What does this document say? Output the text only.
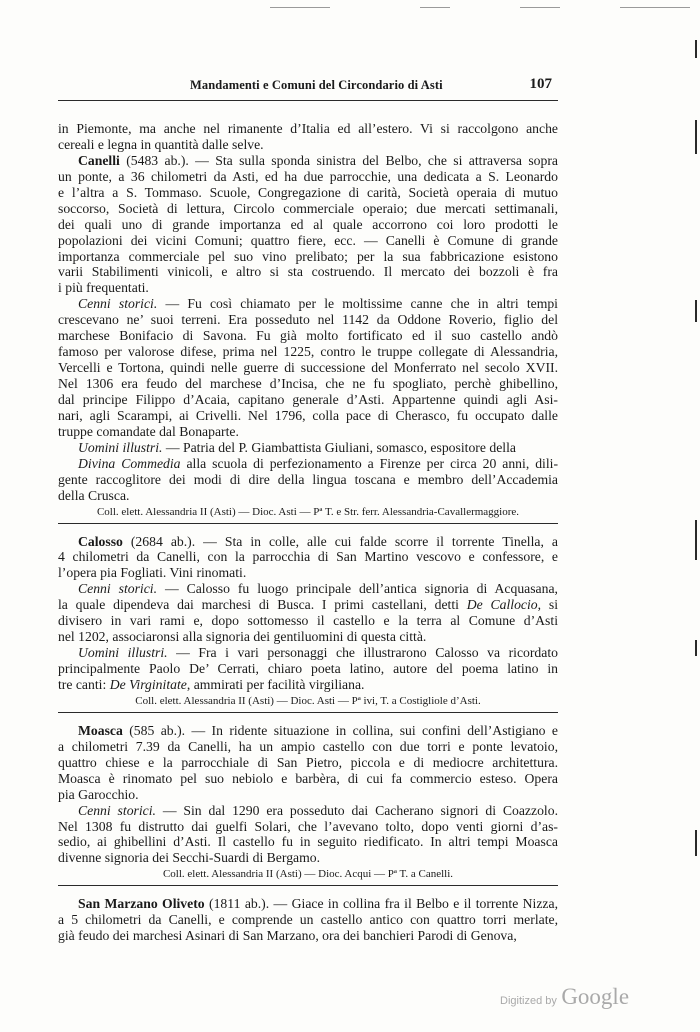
Mandamenti e Comuni del Circondario di Asti	107
in Piemonte, ma anche nel rimanente d’Italia ed all’estero. Vi si raccolgono anche
cereali e legna in quantità dalle selve.
Canelli (5483 ab.). — Sta sulla sponda sinistra del Belbo, che si attraversa sopra
un ponte, a 36 chilometri da Asti, ed ha due parrocchie, una dedicata a S. Leonardo
e l’altra a S. Tommaso. Scuole, Congregazione di carità, Società operaia di mutuo
soccorso, Società di lettura, Circolo commerciale operaio; due mercati settimanali,
dei quali uno di grande importanza ed al quale accorrono coi loro prodotti le
popolazioni dei vicini Comuni; quattro fiere, ecc. — Canelli è Comune di grande
importanza commerciale pel suo vino prelibato; per la sua fabbricazione esistono
varii Stabilimenti vinicoli, e altro si sta costruendo. Il mercato dei bozzoli è fra
i più frequentati.
Cenni storici. — Fu così chiamato per le moltissime canne che in altri tempi
crescevano ne’ suoi terreni. Era posseduto nel 1142 da Oddone Roverio, figlio del
marchese Bonifacio di Savona. Fu già molto fortificato ed il suo castello andò
famoso per valorose difese, prima nel 1225, contro le truppe collegate di Alessandria,
Vercelli e Tortona, quindi nelle guerre di successione del Monferrato nel secolo XVII.
Nel 1306 era feudo del marchese d’Incisa, che ne fu spogliato, perchè ghibellino,
dal principe Filippo d’Acaia, capitano generale d’Asti. Appartenne quindi agli Asi-
nari, agli Scarampi, ai Crivelli. Nel 1796, colla pace di Cherasco, fu occupato dalle
truppe comandate dal Bonaparte.
Uomini illustri. — Patria del P. Giambattista Giuliani, somasco, espositore della
Divina Commedia alla scuola di perfezionamento a Firenze per circa 20 anni, dili-
gente raccoglitore dei modi di dire della lingua toscana e membro dell’Accademia
della Crusca.
Coll. elett. Alessandria II (Asti) — Dioc. Asti — Pª T. e Str. ferr. Alessandria-Cavallermaggiore.
Calosso (2684 ab.). — Sta in colle, alle cui falde scorre il torrente Tinella, a
4 chilometri da Canelli, con la parrocchia di San Martino vescovo e confessore, e
l’opera pia Fogliati. Vini rinomati.
Cenni storici. — Calosso fu luogo principale dell’antica signoria di Acquasana,
la quale dipendeva dai marchesi di Busca. I primi castellani, detti De Callocio, si
divisero in vari rami e, dopo sottomesso il castello e la terra al Comune d’Asti
nel 1202, associaronsi alla signoria dei gentiluomini di questa città.
Uomini illustri. — Fra i vari personaggi che illustrarono Calosso va ricordato
principalmente Paolo De’ Cerrati, chiaro poeta latino, autore del poema latino in
tre canti: De Virginitate, ammirati per facilità virgiliana.
Coll. elett. Alessandria II (Asti) — Dioc. Asti — Pª ivi, T. a Costigliole d’Asti.
Moasca (585 ab.). — In ridente situazione in collina, sui confini dell’Astigiano e
a chilometri 7.39 da Canelli, ha un ampio castello con due torri e ponte levatoio,
quattro chiese e la parrocchiale di San Pietro, piccola e di mediocre architettura.
Moasca è rinomato pel suo nebiolo e barbèra, di cui fa commercio esteso. Opera
pia Garocchio.
Cenni storici. — Sin dal 1290 era posseduto dai Cacherano signori di Coazzolo.
Nel 1308 fu distrutto dai guelfi Solari, che l’avevano tolto, dopo venti giorni d’as-
sedio, ai ghibellini d’Asti. Il castello fu in seguito riedificato. In altri tempi Moasca
divenne signoria dei Secchi-Suardi di Bergamo.
Coll. elett. Alessandria II (Asti) — Dioc. Acqui — Pª T. a Canelli.
San Marzano Oliveto (1811 ab.). — Giace in collina fra il Belbo e il torrente Nizza,
a 5 chilometri da Canelli, e comprende un castello antico con quattro torri merlate,
già feudo dei marchesi Asinari di San Marzano, ora dei banchieri Parodi di Genova,
Digitized by Google
